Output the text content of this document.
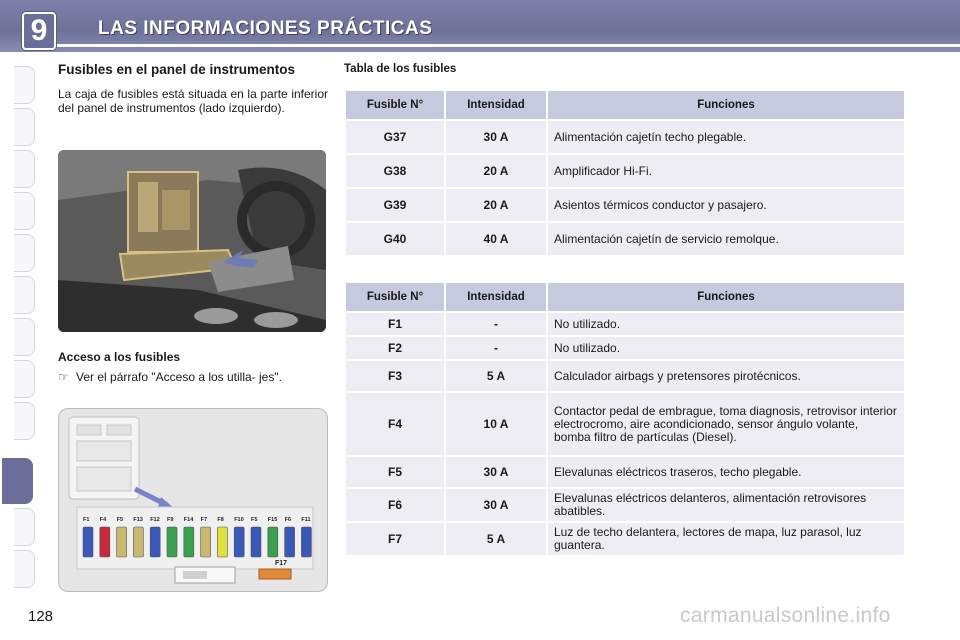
9	LAS INFORMACIONES PRÁCTICAS
Fusibles en el panel de instrumentos

La caja de fusibles está situada en la parte inferior del panel de instrumentos (lado izquierdo).

Acceso a los fusibles
☞ Ver el párrafo "Acceso a los utilla- jes".
F1 F4 F5 F13 F12 F9 F14 F7 F8 F10 F5 F15 F6 F11
F17
Tabla de los fusibles
Fusible N°	Intensidad	Funciones
G37	30 A	Alimentación cajetín techo plegable.
G38	20 A	Amplificador Hi-Fi.
G39	20 A	Asientos térmicos conductor y pasajero.
G40	40 A	Alimentación cajetín de servicio remolque.
Fusible N°	Intensidad	Funciones
F1	-	No utilizado.
F2	-	No utilizado.
F3	5 A	Calculador airbags y pretensores pirotécnicos.
F4	10 A	Contactor pedal de embrague, toma diagnosis, retrovisor interior electrocromo, aire acondicionado, sensor ángulo volante, bomba filtro de partículas (Diesel).
F5	30 A	Elevalunas eléctricos traseros, techo plegable.
F6	30 A	Elevalunas eléctricos delanteros, alimentación retrovisores abatibles.
F7	5 A	Luz de techo delantera, lectores de mapa, luz parasol, luz guantera.
128	carmanualsonline.info
